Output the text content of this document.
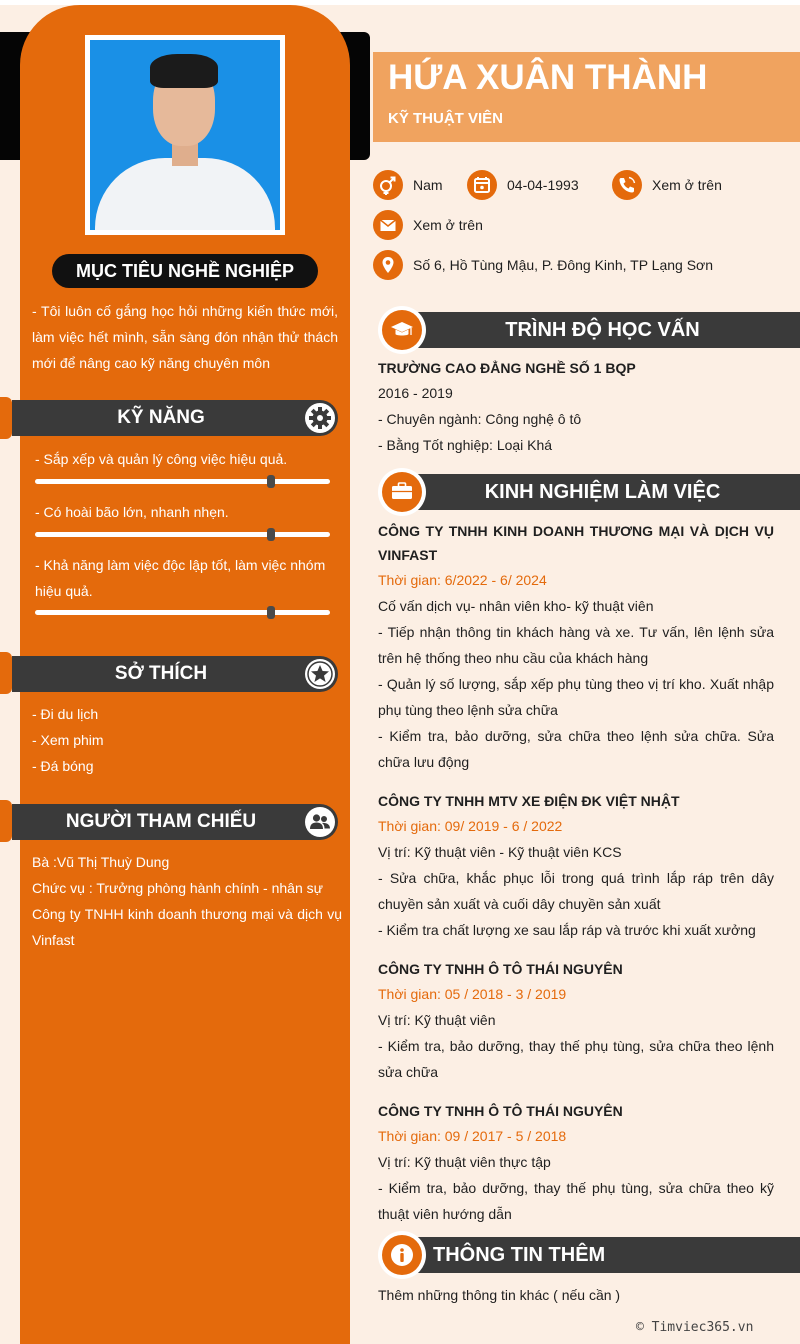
MỤC TIÊU NGHỀ NGHIỆP
- Tôi luôn cố gắng học hỏi những kiến thức mới, làm việc hết mình, sẵn sàng đón nhận thử thách mới để nâng cao kỹ năng chuyên môn
KỸ NĂNG
- Sắp xếp và quản lý công việc hiệu quả.
- Có hoài bão lớn, nhanh nhẹn.
- Khả năng làm việc độc lập tốt, làm việc nhóm hiệu quả.
SỞ THÍCH
- Đi du lịch
- Xem phim
- Đá bóng
NGƯỜI THAM CHIẾU
Bà :Vũ Thị Thuỳ Dung
Chức vụ : Trưởng phòng hành chính - nhân sự
Công ty TNHH kinh doanh thương mại và dịch vụ Vinfast
HỨA XUÂN THÀNH
KỸ THUẬT VIÊN
Nam	04-04-1993	Xem ở trên
Xem ở trên
Số 6, Hồ Tùng Mậu, P. Đông Kinh, TP Lạng Sơn
TRÌNH ĐỘ HỌC VẤN
TRƯỜNG CAO ĐẲNG NGHỀ SỐ 1 BQP
2016 - 2019
- Chuyên ngành: Công nghệ ô tô
- Bằng Tốt nghiệp: Loại Khá
KINH NGHIỆM LÀM VIỆC
CÔNG TY TNHH KINH DOANH THƯƠNG MẠI VÀ DỊCH VỤ VINFAST
Thời gian: 6/2022 - 6/ 2024
Cố vấn dịch vụ- nhân viên kho- kỹ thuật viên
- Tiếp nhận thông tin khách hàng và xe. Tư vấn, lên lệnh sửa trên hệ thống theo nhu cầu của khách hàng
- Quản lý số lượng, sắp xếp phụ tùng theo vị trí kho. Xuất nhập phụ tùng theo lệnh sửa chữa
- Kiểm tra, bảo dưỡng, sửa chữa theo lệnh sửa chữa. Sửa chữa lưu động
CÔNG TY TNHH MTV XE ĐIỆN ĐK VIỆT NHẬT
Thời gian: 09/ 2019 - 6 / 2022
Vị trí: Kỹ thuật viên - Kỹ thuật viên KCS
- Sửa chữa, khắc phục lỗi trong quá trình lắp ráp trên dây chuyền sản xuất và cuối dây chuyền sản xuất
- Kiểm tra chất lượng xe sau lắp ráp và trước khi xuất xưởng
CÔNG TY TNHH Ô TÔ THÁI NGUYÊN
Thời gian: 05 / 2018 - 3 / 2019
Vị trí: Kỹ thuật viên
- Kiểm tra, bảo dưỡng, thay thế phụ tùng, sửa chữa theo lệnh sửa chữa
CÔNG TY TNHH Ô TÔ THÁI NGUYÊN
Thời gian: 09 / 2017 - 5 / 2018
Vị trí: Kỹ thuật viên thực tập
- Kiểm tra, bảo dưỡng, thay thế phụ tùng, sửa chữa theo kỹ thuật viên hướng dẫn
THÔNG TIN THÊM
Thêm những thông tin khác ( nếu cần )
© Timviec365.vn
